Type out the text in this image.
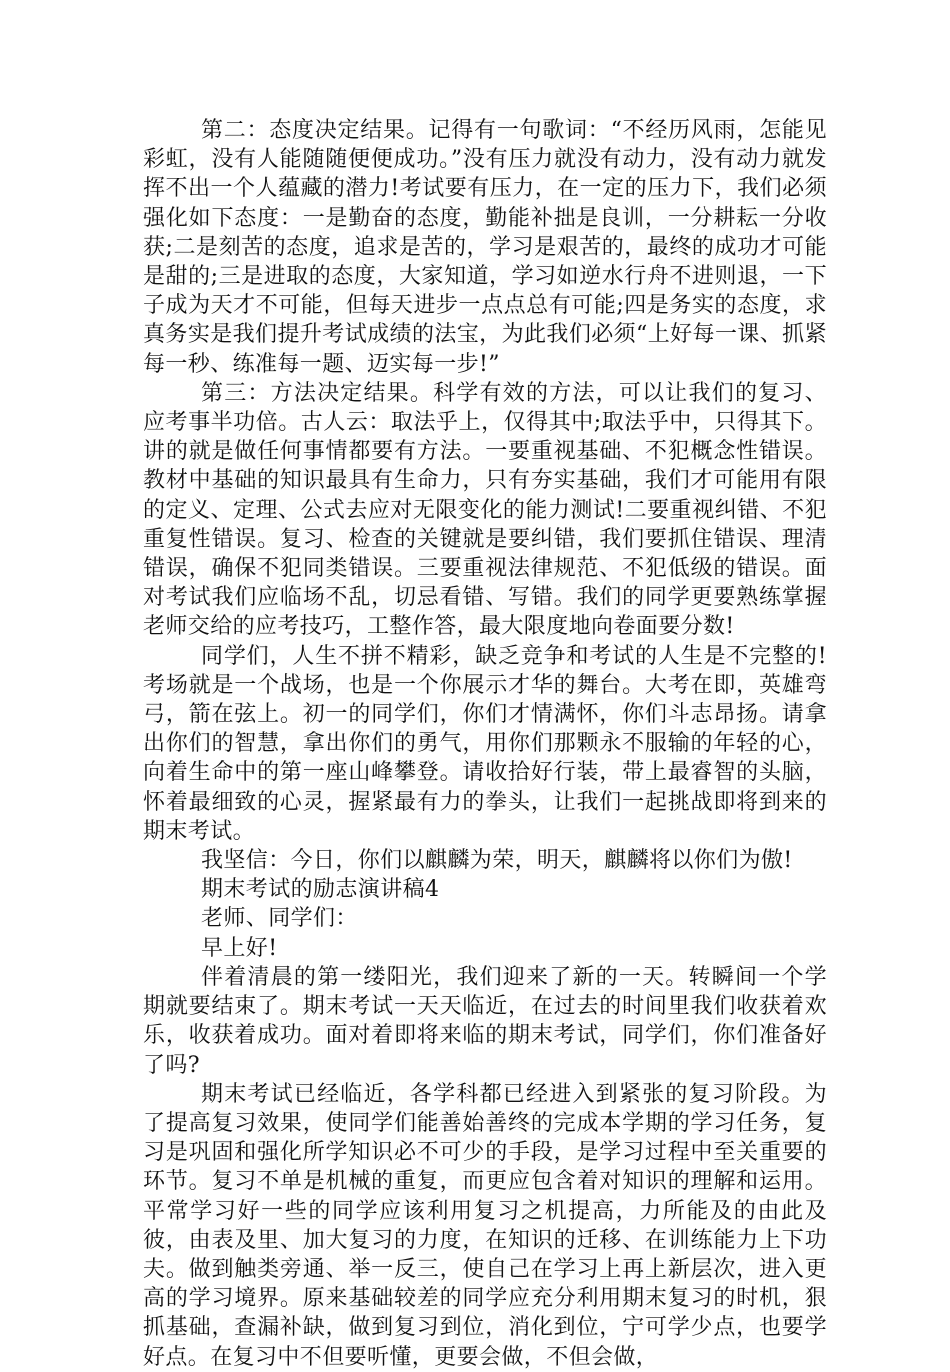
第二：态度决定结果。记得有一句歌词：“不经历风雨，怎能见彩虹，没有人能随随便便成功。”没有压力就没有动力，没有动力就发挥不出一个人蕴藏的潜力!考试要有压力，在一定的压力下，我们必须强化如下态度：一是勤奋的态度，勤能补拙是良训，一分耕耘一分收获;二是刻苦的态度，追求是苦的，学习是艰苦的，最终的成功才可能是甜的;三是进取的态度，大家知道，学习如逆水行舟不进则退，一下子成为天才不可能，但每天进步一点点总有可能;四是务实的态度，求真务实是我们提升考试成绩的法宝，为此我们必须“上好每一课、抓紧每一秒、练准每一题、迈实每一步!”

第三：方法决定结果。科学有效的方法，可以让我们的复习、应考事半功倍。古人云：取法乎上，仅得其中;取法乎中，只得其下。讲的就是做任何事情都要有方法。一要重视基础、不犯概念性错误。教材中基础的知识最具有生命力，只有夯实基础，我们才可能用有限的定义、定理、公式去应对无限变化的能力测试!二要重视纠错、不犯重复性错误。复习、检查的关键就是要纠错，我们要抓住错误、理清错误，确保不犯同类错误。三要重视法律规范、不犯低级的错误。面对考试我们应临场不乱，切忌看错、写错。我们的同学更要熟练掌握老师交给的应考技巧，工整作答，最大限度地向卷面要分数!

同学们，人生不拼不精彩，缺乏竞争和考试的人生是不完整的!考场就是一个战场，也是一个你展示才华的舞台。大考在即，英雄弯弓，箭在弦上。初一的同学们，你们才情满怀，你们斗志昂扬。请拿出你们的智慧，拿出你们的勇气，用你们那颗永不服输的年轻的心，向着生命中的第一座山峰攀登。请收拾好行装，带上最睿智的头脑，怀着最细致的心灵，握紧最有力的拳头，让我们一起挑战即将到来的期末考试。

我坚信：今日，你们以麒麟为荣，明天，麒麟将以你们为傲!

期末考试的励志演讲稿4

老师、同学们：

早上好!

伴着清晨的第一缕阳光，我们迎来了新的一天。转瞬间一个学期就要结束了。期末考试一天天临近，在过去的时间里我们收获着欢乐，收获着成功。面对着即将来临的期末考试，同学们，你们准备好了吗?

期末考试已经临近，各学科都已经进入到紧张的复习阶段。为了提高复习效果，使同学们能善始善终的完成本学期的学习任务，复习是巩固和强化所学知识必不可少的手段，是学习过程中至关重要的环节。复习不单是机械的重复，而更应包含着对知识的理解和运用。平常学习好一些的同学应该利用复习之机提高，力所能及的由此及彼，由表及里、加大复习的力度，在知识的迁移、在训练能力上下功夫。做到触类旁通、举一反三，使自己在学习上再上新层次，进入更高的学习境界。原来基础较差的同学应充分利用期末复习的时机，狠抓基础，查漏补缺，做到复习到位，消化到位，宁可学少点，也要学好点。在复习中不但要听懂，更要会做，不但会做，
